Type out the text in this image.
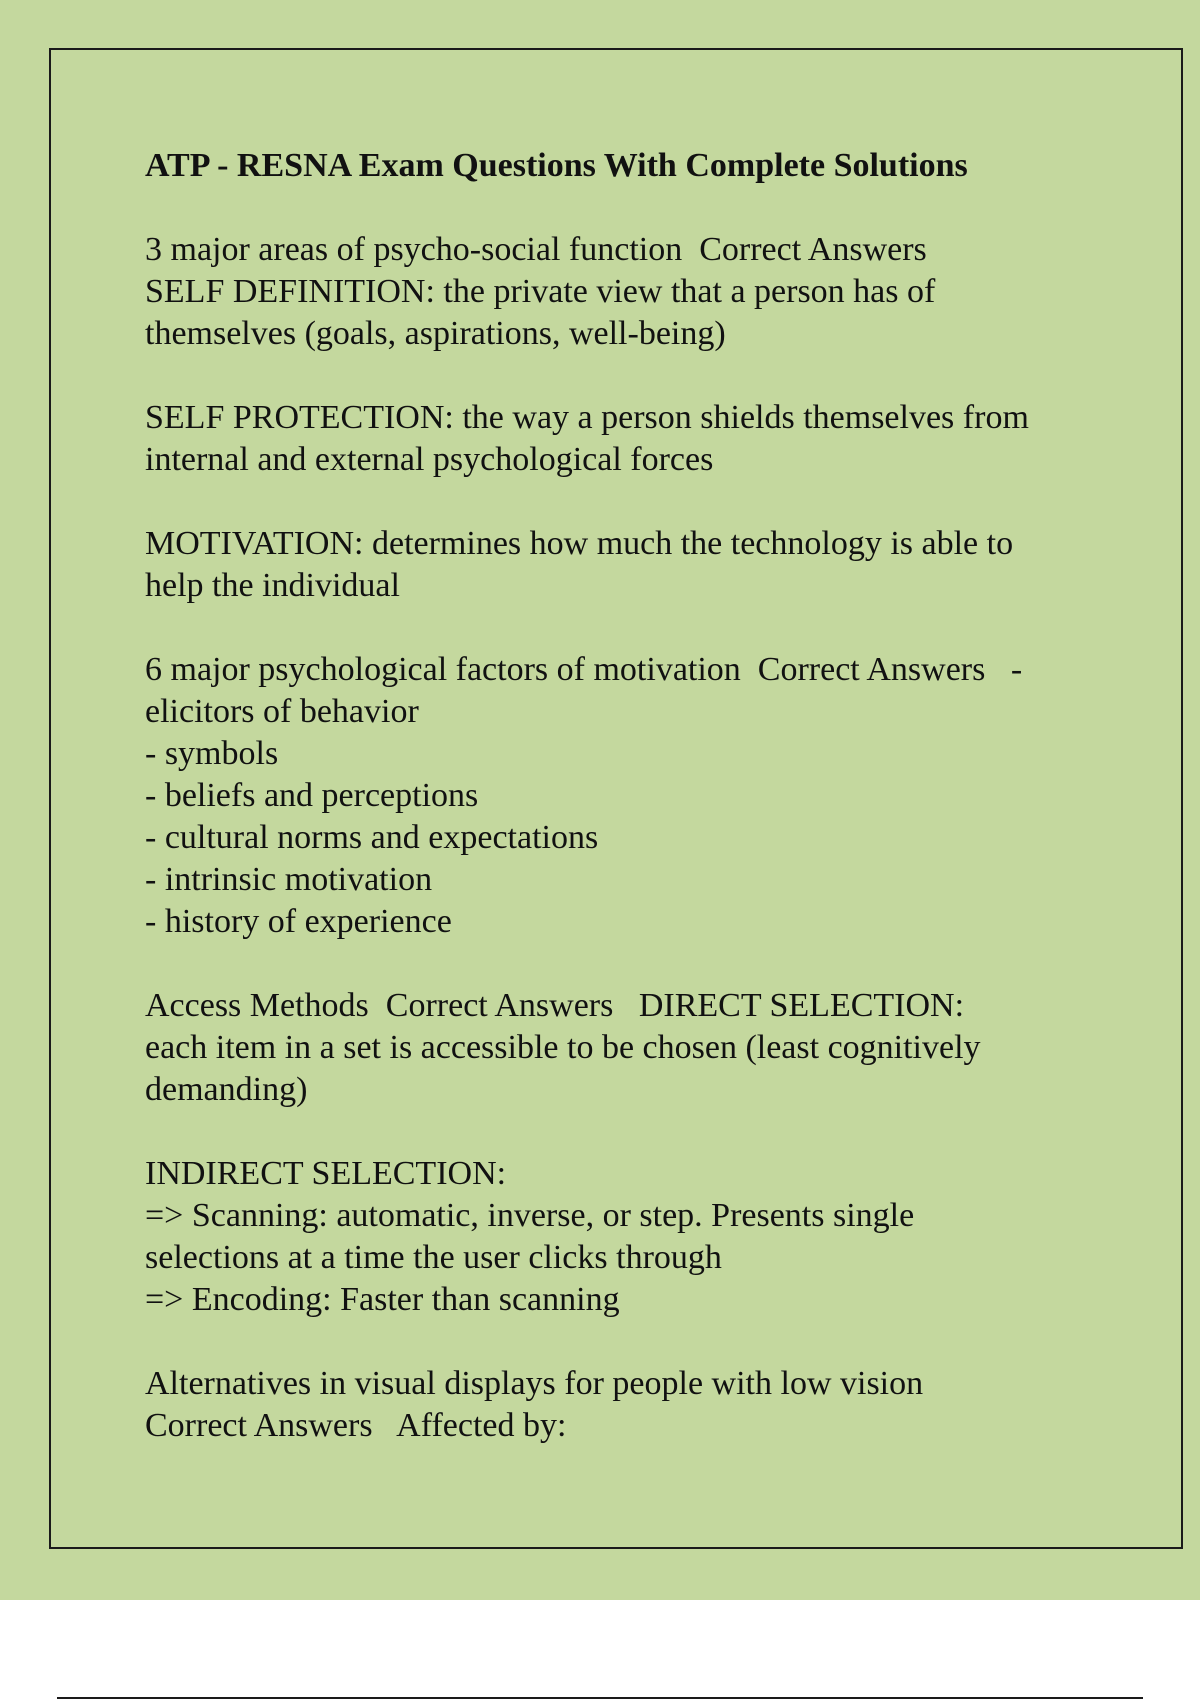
ATP - RESNA Exam Questions With Complete Solutions
3 major areas of psycho-social function  Correct Answers
SELF DEFINITION: the private view that a person has of
themselves (goals, aspirations, well-being)
SELF PROTECTION: the way a person shields themselves from
internal and external psychological forces
MOTIVATION: determines how much the technology is able to
help the individual
6 major psychological factors of motivation  Correct Answers   -
elicitors of behavior
- symbols
- beliefs and perceptions
- cultural norms and expectations
- intrinsic motivation
- history of experience
Access Methods  Correct Answers   DIRECT SELECTION:
each item in a set is accessible to be chosen (least cognitively
demanding)
INDIRECT SELECTION:
=> Scanning: automatic, inverse, or step. Presents single
selections at a time the user clicks through
=> Encoding: Faster than scanning
Alternatives in visual displays for people with low vision
Correct Answers   Affected by:
